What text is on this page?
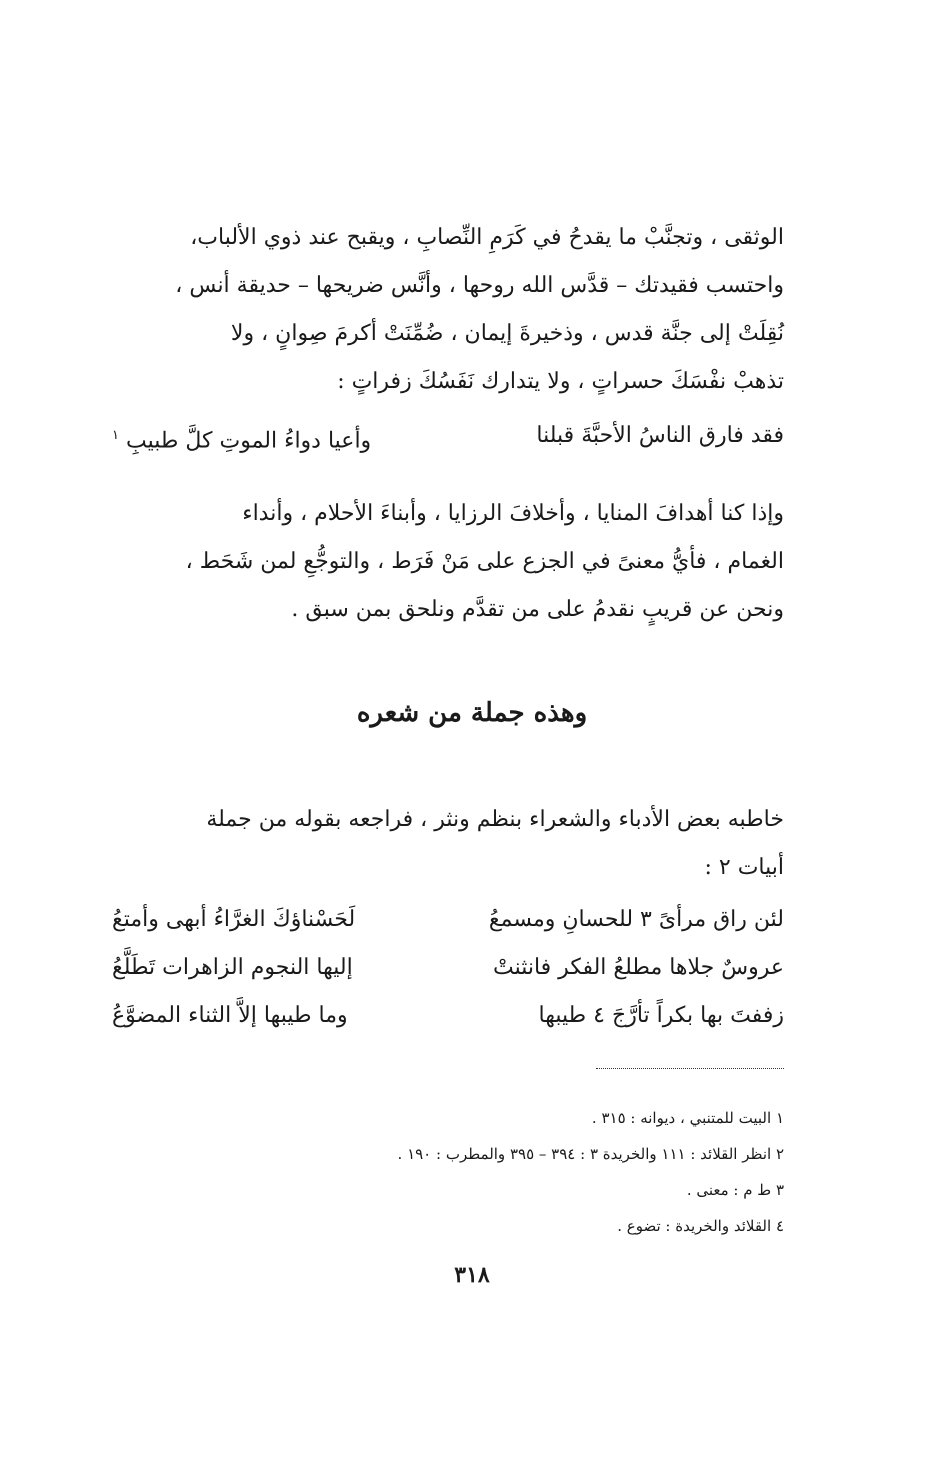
الوثقى ، وتجنَّبْ ما يقدحُ في كَرَمِ النِّصابِ ، ويقبح عند ذوي الألباب،

واحتسب فقيدتك – قدَّس الله روحها ، وأنَّس ضريحها – حديقة أنس ،

نُقِلَتْ إلى جنَّة قدس ، وذخيرةَ إيمان ، ضُمِّنَتْ أكرمَ صِوانٍ ، ولا

تذهبْ نفْسَكَ حسراتٍ ، ولا يتدارك نَفَسُكَ زفراتٍ :

فقد فارق الناسُ الأحبَّةَ قبلنا
وأعيا دواءُ الموتِ كلَّ طبيبِ $^١$

وإذا كنا أهدافَ المنايا ، وأخلافَ الرزايا ، وأبناءَ الأحلام ، وأنداء

الغمام ، فأيُّ معنىً في الجزع على مَنْ فَرَط ، والتوجُّعِ لمن شَحَط ،

ونحن عن قريبٍ نقدمُ على من تقدَّم ونلحق بمن سبق .

وهذه جملة من شعره

خاطبه بعض الأدباء والشعراء بنظم ونثر ، فراجعه بقوله من جملة

أبيات ٢ :

لئن راق مرأىً ٣ للحسانِ ومسمعُ
لَحَسْناؤكَ الغرَّاءُ أبهى وأمتعُ
عروسٌ جلاها مطلعُ الفكر فانثنتْ
إليها النجوم الزاهرات تَطَلَّعُ
زففتَ بها بكراً تأرَّجَ ٤ طيبها
وما طيبها إلاَّ الثناء المضوَّعُ
١ البيت للمتنبي ، ديوانه : ٣١٥ .
٢ انظر القلائد : ١١١ والخريدة ٣ : ٣٩٤ – ٣٩٥ والمطرب : ١٩٠ .
٣ ط م : معنى .
٤ القلائد والخريدة : تضوع .
٣١٨
